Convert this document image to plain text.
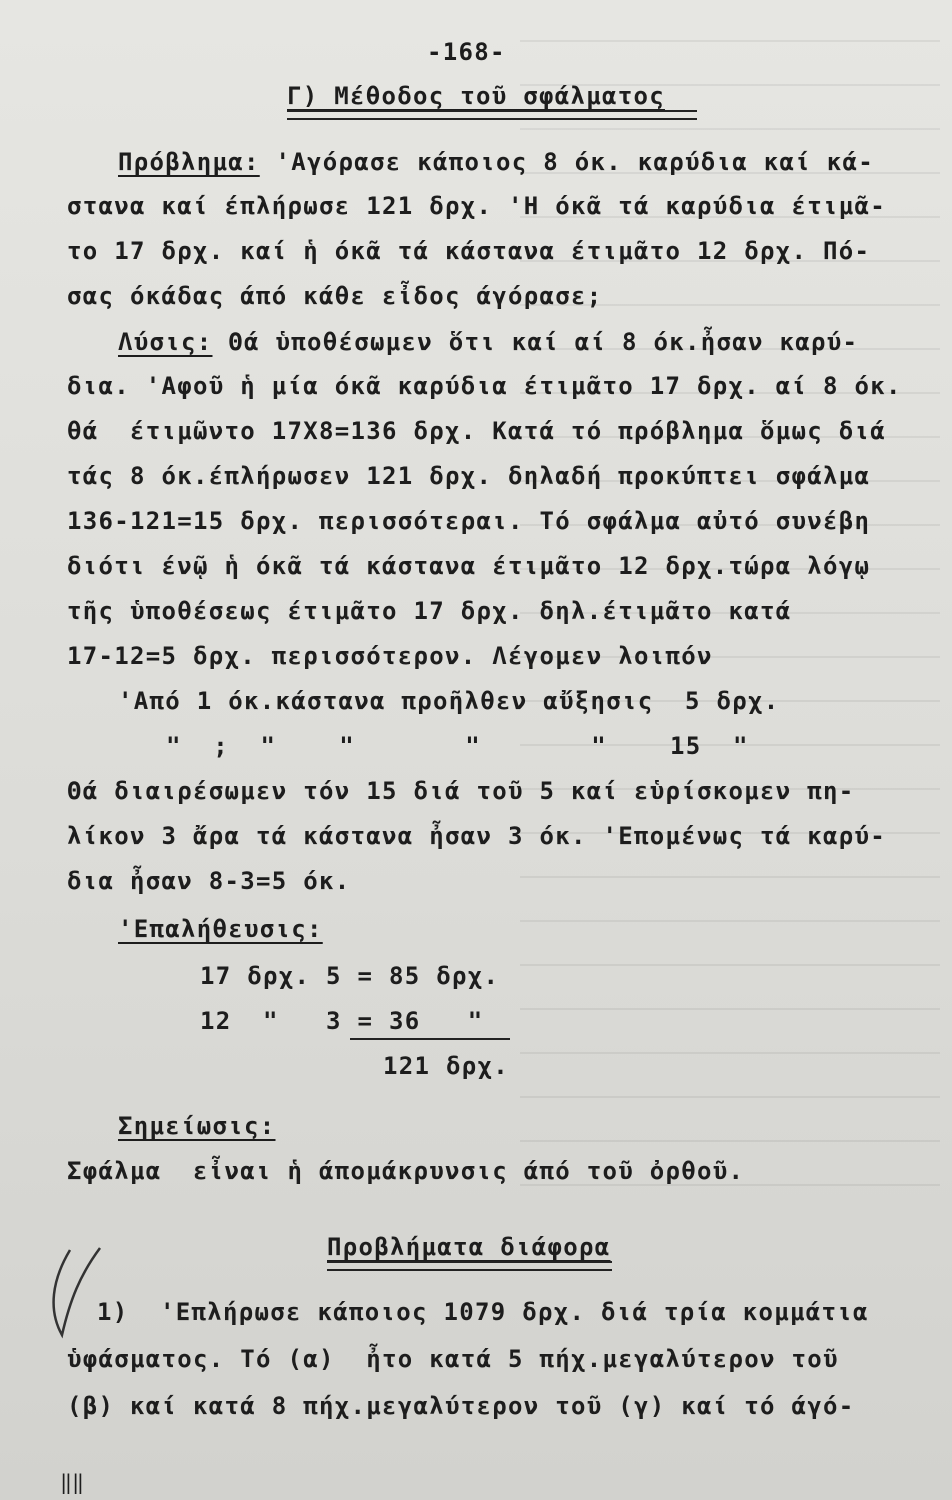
-168-
Γ) Μέθοδος τοῦ σφάλματος
Πρόβλημα: 'Αγόρασε κάποιος 8 όκ. καρύδια καί κά-
στανα καί έπλήρωσε 121 δρχ. 'Η όκᾶ τά καρύδια έτιμᾶ-
το 17 δρχ. καί ἡ όκᾶ τά κάστανα έτιμᾶτο 12 δρχ. Πό-
σας όκάδας άπό κάθε εἶδος άγόρασε;
Λύσις: Θά ὑποθέσωμεν ὅτι καί αί 8 όκ.ἦσαν καρύ-
δια. 'Αφοῦ ἡ μία όκᾶ καρύδια έτιμᾶτο 17 δρχ. αί 8 όκ.
θά  έτιμῶντο 17Χ8=136 δρχ. Κατά τό πρόβλημα ὅμως διά
τάς 8 όκ.έπλήρωσεν 121 δρχ. δηλαδή προκύπτει σφάλμα
136-121=15 δρχ. περισσότεραι. Τό σφάλμα αὐτό συνέβη
διότι ένῷ ἡ όκᾶ τά κάστανα έτιμᾶτο 12 δρχ.τώρα λόγῳ
τῆς ὑποθέσεως έτιμᾶτο 17 δρχ. δηλ.έτιμᾶτο κατά
17-12=5 δρχ. περισσότερον. Λέγομεν λοιπόν
'Από 1 όκ.κάστανα προῆλθεν αὔξησις  5 δρχ.
"  ;  "    "       "       "    15  "
Θά διαιρέσωμεν τόν 15 διά τοῦ 5 καί εὑρίσκομεν πη-
λίκον 3 ἄρα τά κάστανα ἦσαν 3 όκ. 'Επομένως τά καρύ-
δια ἦσαν 8-3=5 όκ.
'Επαλήθευσις:
17 δρχ. 5 = 85 δρχ.
12  "   3 = 36   "
121 δρχ.
Σημείωσις:
Σφάλμα  εἶναι ἡ άπομάκρυνσις άπό τοῦ ὀρθοῦ.
Προβλήματα διάφορα
1)  'Επλήρωσε κάποιος 1079 δρχ. διά τρία κομμάτια
ὑφάσματος. Τό (α)  ἦτο κατά 5 πήχ.μεγαλύτερον τοῦ
(β) καί κατά 8 πήχ.μεγαλύτερον τοῦ (γ) καί τό άγό-
‖‖
